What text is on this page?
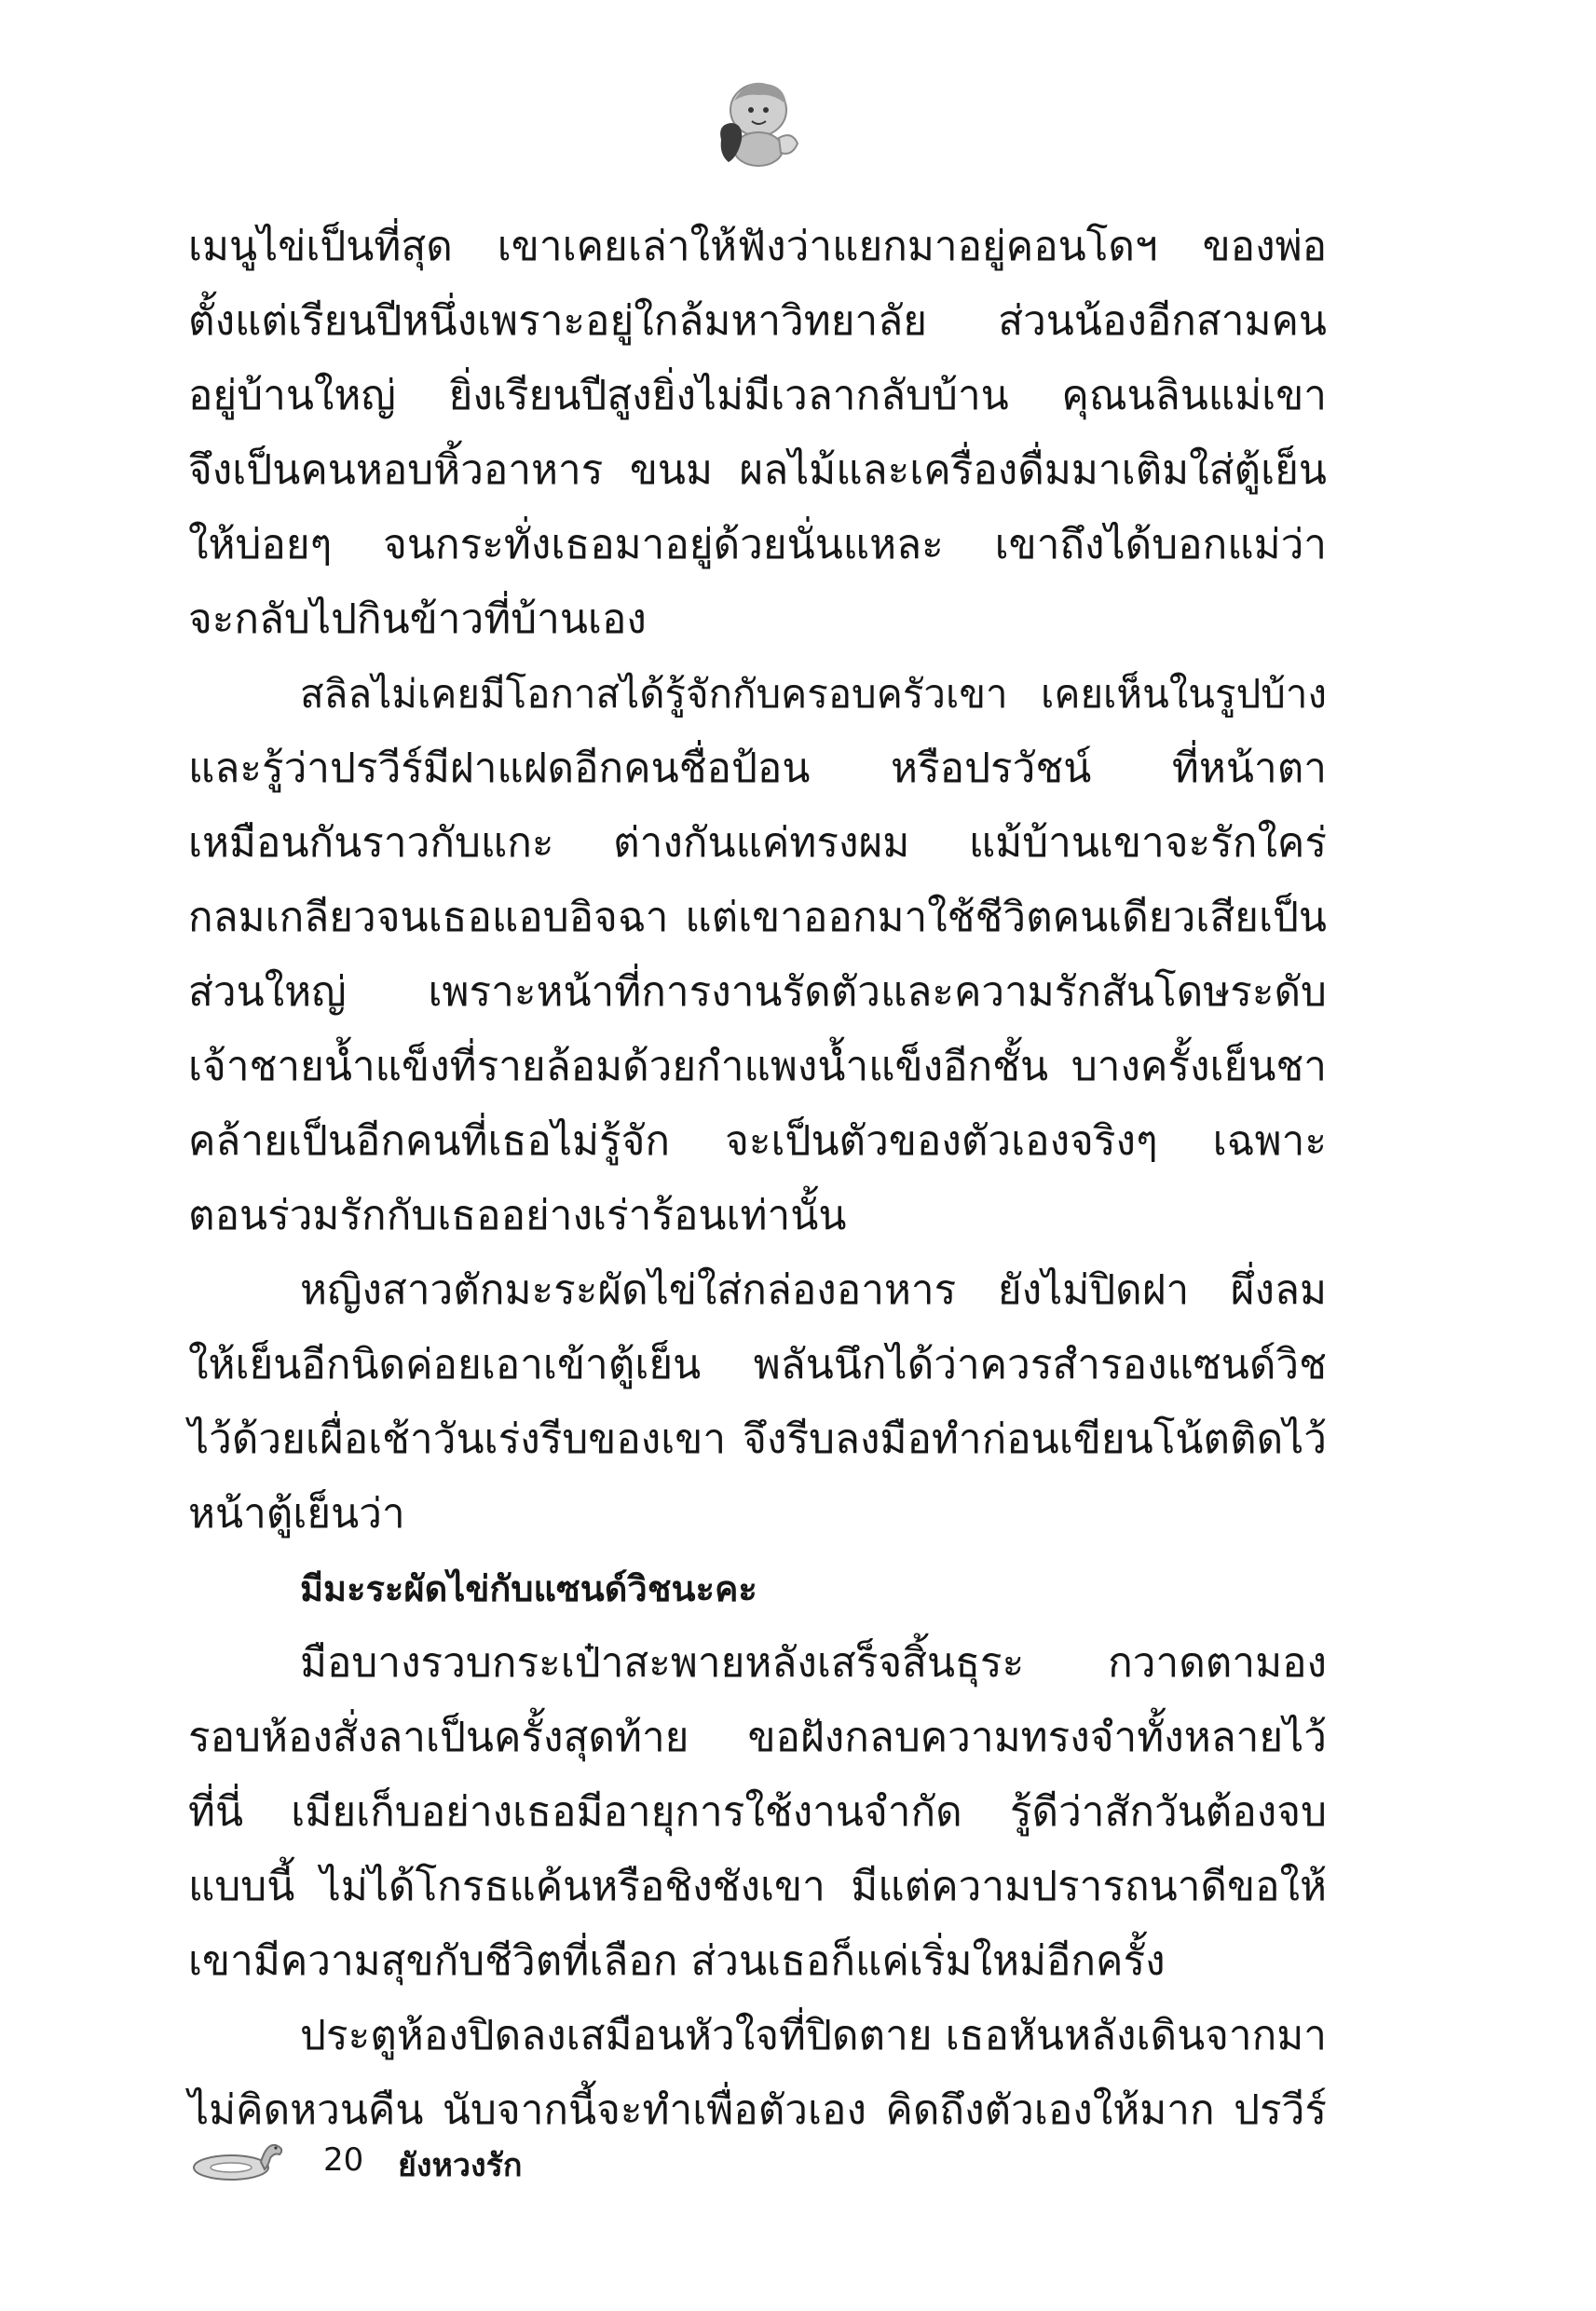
เมนูไข่เป็นที่สุด เขาเคยเล่าให้ฟังว่าแยกมาอยู่คอนโดฯ ของพ่อ
ตั้งแต่เรียนปีหนึ่งเพราะอยู่ใกล้มหาวิทยาลัย ส่วนน้องอีกสามคน
อยู่บ้านใหญ่ ยิ่งเรียนปีสูงยิ่งไม่มีเวลากลับบ้าน คุณนลินแม่เขา
จึงเป็นคนหอบหิ้วอาหาร ขนม ผลไม้และเครื่องดื่มมาเติมใส่ตู้เย็น
ให้บ่อยๆ จนกระทั่งเธอมาอยู่ด้วยนั่นแหละ เขาถึงได้บอกแม่ว่า
จะกลับไปกินข้าวที่บ้านเอง
สลิลไม่เคยมีโอกาสได้รู้จักกับครอบครัวเขา เคยเห็นในรูปบ้าง
และรู้ว่าปรวีร์มีฝาแฝดอีกคนชื่อป้อน หรือปรวัชน์ ที่หน้าตา
เหมือนกันราวกับแกะ ต่างกันแค่ทรงผม แม้บ้านเขาจะรักใคร่
กลมเกลียวจนเธอแอบอิจฉา แต่เขาออกมาใช้ชีวิตคนเดียวเสียเป็น
ส่วนใหญ่ เพราะหน้าที่การงานรัดตัวและความรักสันโดษระดับ
เจ้าชายน้ำแข็งที่รายล้อมด้วยกำแพงน้ำแข็งอีกชั้น บางครั้งเย็นชา
คล้ายเป็นอีกคนที่เธอไม่รู้จัก จะเป็นตัวของตัวเองจริงๆ เฉพาะ
ตอนร่วมรักกับเธออย่างเร่าร้อนเท่านั้น
หญิงสาวตักมะระผัดไข่ใส่กล่องอาหาร ยังไม่ปิดฝา ผึ่งลม
ให้เย็นอีกนิดค่อยเอาเข้าตู้เย็น พลันนึกได้ว่าควรสำรองแซนด์วิช
ไว้ด้วยเผื่อเช้าวันเร่งรีบของเขา จึงรีบลงมือทำก่อนเขียนโน้ตติดไว้
หน้าตู้เย็นว่า
มีมะระผัดไข่กับแซนด์วิชนะคะ
มือบางรวบกระเป๋าสะพายหลังเสร็จสิ้นธุระ กวาดตามอง
รอบห้องสั่งลาเป็นครั้งสุดท้าย ขอฝังกลบความทรงจำทั้งหลายไว้
ที่นี่ เมียเก็บอย่างเธอมีอายุการใช้งานจำกัด รู้ดีว่าสักวันต้องจบ
แบบนี้ ไม่ได้โกรธแค้นหรือชิงชังเขา มีแต่ความปรารถนาดีขอให้
เขามีความสุขกับชีวิตที่เลือก ส่วนเธอก็แค่เริ่มใหม่อีกครั้ง
ประตูห้องปิดลงเสมือนหัวใจที่ปิดตาย เธอหันหลังเดินจากมา
ไม่คิดหวนคืน นับจากนี้จะทำเพื่อตัวเอง คิดถึงตัวเองให้มาก ปรวีร์
20 ยังหวงรัก
